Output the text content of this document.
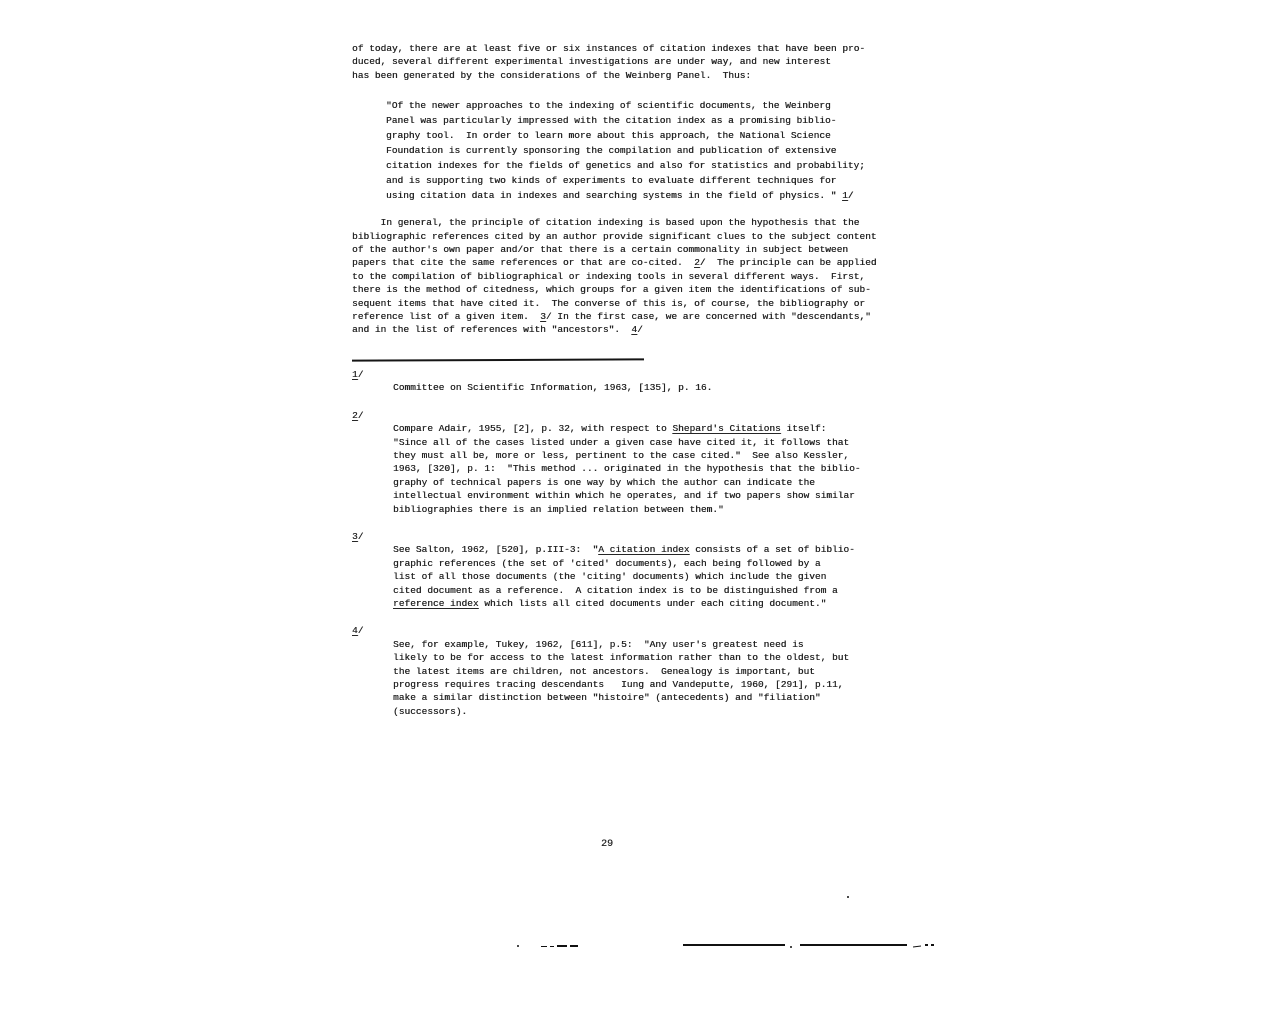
of today, there are at least five or six instances of citation indexes that have been pro-
duced, several different experimental investigations are under way, and new interest
has been generated by the considerations of the Weinberg Panel.  Thus:
"Of the newer approaches to the indexing of scientific documents, the Weinberg
Panel was particularly impressed with the citation index as a promising biblio-
graphy tool.  In order to learn more about this approach, the National Science
Foundation is currently sponsoring the compilation and publication of extensive
citation indexes for the fields of genetics and also for statistics and probability;
and is supporting two kinds of experiments to evaluate different techniques for
using citation data in indexes and searching systems in the field of physics. " 1/
In general, the principle of citation indexing is based upon the hypothesis that the
bibliographic references cited by an author provide significant clues to the subject content
of the author's own paper and/or that there is a certain commonality in subject between
papers that cite the same references or that are co-cited.  2/  The principle can be applied
to the compilation of bibliographical or indexing tools in several different ways.  First,
there is the method of citedness, which groups for a given item the identifications of sub-
sequent items that have cited it.  The converse of this is, of course, the bibliography or
reference list of a given item.  3/ In the first case, we are concerned with "descendants,"
and in the list of references with "ancestors".  4/
1/
Committee on Scientific Information, 1963, [135], p. 16.
2/
Compare Adair, 1955, [2], p. 32, with respect to Shepard's Citations itself:
"Since all of the cases listed under a given case have cited it, it follows that
they must all be, more or less, pertinent to the case cited."  See also Kessler,
1963, [320], p. 1:  "This method ... originated in the hypothesis that the biblio-
graphy of technical papers is one way by which the author can indicate the
intellectual environment within which he operates, and if two papers show similar
bibliographies there is an implied relation between them."
3/
See Salton, 1962, [520], p.III-3:  "A citation index consists of a set of biblio-
graphic references (the set of 'cited' documents), each being followed by a
list of all those documents (the 'citing' documents) which include the given
cited document as a reference.  A citation index is to be distinguished from a
reference index which lists all cited documents under each citing document."
4/
See, for example, Tukey, 1962, [611], p.5:  "Any user's greatest need is
likely to be for access to the latest information rather than to the oldest, but
the latest items are children, not ancestors.  Genealogy is important, but
progress requires tracing descendants   Iung and Vandeputte, 1960, [291], p.11,
make a similar distinction between "histoire" (antecedents) and "filiation"
(successors).
29
